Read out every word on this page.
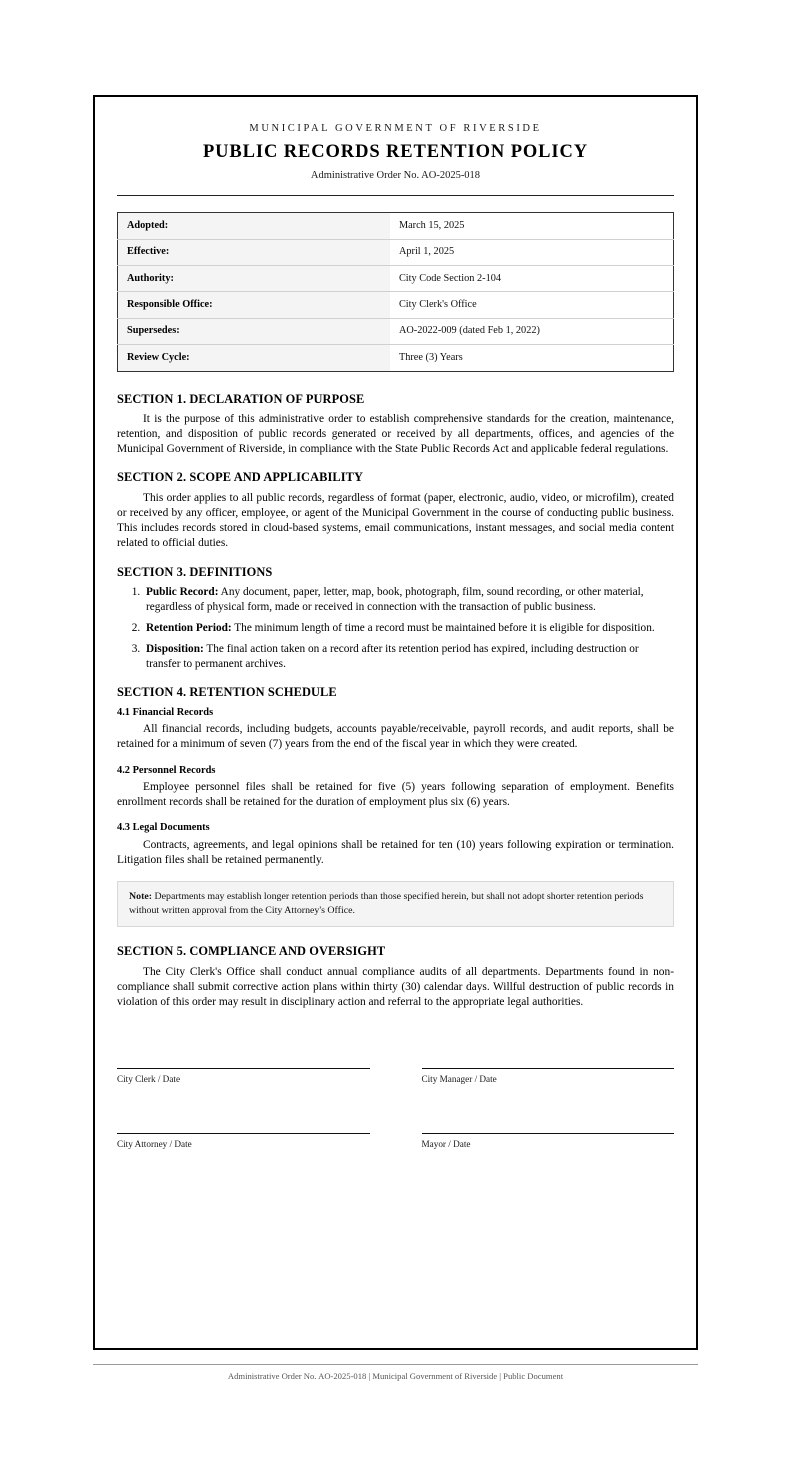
MUNICIPAL GOVERNMENT OF RIVERSIDE
PUBLIC RECORDS RETENTION POLICY
Administrative Order No. AO-2025-018
Adopted:	March 15, 2025
Effective:	April 1, 2025
Authority:	City Code Section 2-104
Responsible Office:	City Clerk's Office
Supersedes:	AO-2022-009 (dated Feb 1, 2022)
Review Cycle:	Three (3) Years
SECTION 1. DECLARATION OF PURPOSE

It is the purpose of this administrative order to establish comprehensive standards for the creation, maintenance, retention, and disposition of public records generated or received by all departments, offices, and agencies of the Municipal Government of Riverside, in compliance with the State Public Records Act and applicable federal regulations.

SECTION 2. SCOPE AND APPLICABILITY

This order applies to all public records, regardless of format (paper, electronic, audio, video, or microfilm), created or received by any officer, employee, or agent of the Municipal Government in the course of conducting public business. This includes records stored in cloud-based systems, email communications, instant messages, and social media content related to official duties.

SECTION 3. DEFINITIONS
1. Public Record: Any document, paper, letter, map, book, photograph, film, sound recording, or other material, regardless of physical form, made or received in connection with the transaction of public business.
2. Retention Period: The minimum length of time a record must be maintained before it is eligible for disposition.
3. Disposition: The final action taken on a record after its retention period has expired, including destruction or transfer to permanent archives.
SECTION 4. RETENTION SCHEDULE
4.1 Financial Records

All financial records, including budgets, accounts payable/receivable, payroll records, and audit reports, shall be retained for a minimum of seven (7) years from the end of the fiscal year in which they were created.

4.2 Personnel Records

Employee personnel files shall be retained for five (5) years following separation of employment. Benefits enrollment records shall be retained for the duration of employment plus six (6) years.

4.3 Legal Documents

Contracts, agreements, and legal opinions shall be retained for ten (10) years following expiration or termination. Litigation files shall be retained permanently.

Note: Departments may establish longer retention periods than those specified herein, but shall not adopt shorter retention periods without written approval from the City Attorney's Office.
SECTION 5. COMPLIANCE AND OVERSIGHT

The City Clerk's Office shall conduct annual compliance audits of all departments. Departments found in non-compliance shall submit corrective action plans within thirty (30) calendar days. Willful destruction of public records in violation of this order may result in disciplinary action and referral to the appropriate legal authorities.

City Clerk / Date	City Manager / Date
City Attorney / Date	Mayor / Date
Administrative Order No. AO-2025-018 | Municipal Government of Riverside | Public Document
